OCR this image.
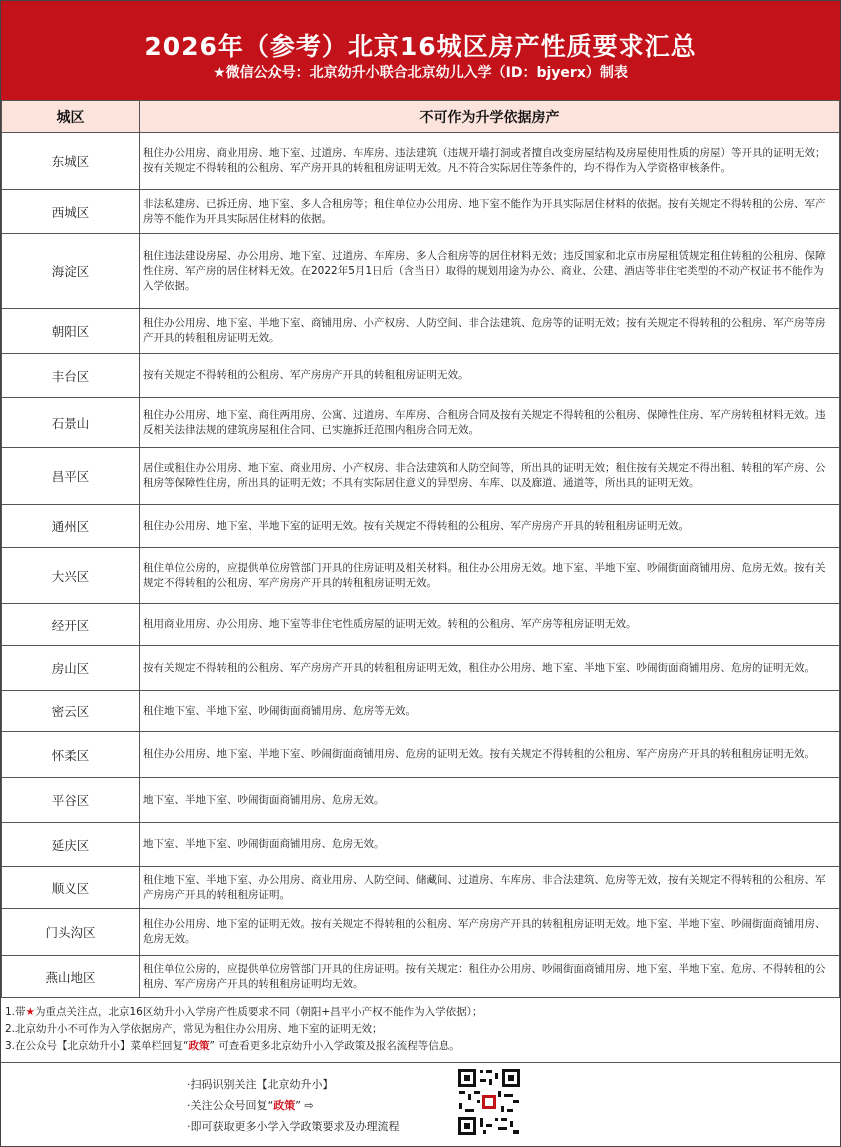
2026年（参考）北京16城区房产性质要求汇总
★微信公众号：北京幼升小联合北京幼儿入学（ID：bjyerx）制表
城区	不可作为升学依据房产
东城区	租住办公用房、商业用房、地下室、过道房、车库房、违法建筑（违规开墙打洞或者擅自改变房屋结构及房屋使用性质的房屋）等开具的证明无效；按有关规定不得转租的公租房、军产房开具的转租租房证明无效。凡不符合实际居住等条件的，均不得作为入学资格审核条件。
西城区	非法私建房、已拆迁房、地下室、多人合租房等；租住单位办公用房、地下室不能作为开具实际居住材料的依据。按有关规定不得转租的公房、军产房等不能作为开具实际居住材料的依据。
海淀区	租住违法建设房屋、办公用房、地下室、过道房、车库房、多人合租房等的居住材料无效；违反国家和北京市房屋租赁规定租住转租的公租房、保障性住房、军产房的居住材料无效。在2022年5月1日后（含当日）取得的规划用途为办公、商业、公建、酒店等非住宅类型的不动产权证书不能作为入学依据。
朝阳区	租住办公用房、地下室、半地下室、商铺用房、小产权房、人防空间、非合法建筑、危房等的证明无效；按有关规定不得转租的公租房、军产房等房产开具的转租租房证明无效。
丰台区	按有关规定不得转租的公租房、军产房房产开具的转租租房证明无效。
石景山	租住办公用房、地下室、商住两用房、公寓、过道房、车库房、合租房合同及按有关规定不得转租的公租房、保障性住房、军产房转租材料无效。违反相关法律法规的建筑房屋租住合同、已实施拆迁范围内租房合同无效。
昌平区	居住或租住办公用房、地下室、商业用房、小产权房、非合法建筑和人防空间等，所出具的证明无效；租住按有关规定不得出租、转租的军产房、公租房等保障性住房，所出具的证明无效；不具有实际居住意义的异型房、车库、以及廊道、通道等，所出具的证明无效。
通州区	租住办公用房、地下室、半地下室的证明无效。按有关规定不得转租的公租房、军产房房产开具的转租租房证明无效。
大兴区	租住单位公房的，应提供单位房管部门开具的住房证明及相关材料。租住办公用房无效。地下室、半地下室、吵闹街面商铺用房、危房无效。按有关规定不得转租的公租房、军产房房产开具的转租租房证明无效。
经开区	租用商业用房、办公用房、地下室等非住宅性质房屋的证明无效。转租的公租房、军产房等租房证明无效。
房山区	按有关规定不得转租的公租房、军产房房产开具的转租租房证明无效，租住办公用房、地下室、半地下室、吵闹街面商铺用房、危房的证明无效。
密云区	租住地下室、半地下室、吵闹街面商铺用房、危房等无效。
怀柔区	租住办公用房、地下室、半地下室、吵闹街面商铺用房、危房的证明无效。按有关规定不得转租的公租房、军产房房产开具的转租租房证明无效。
平谷区	地下室、半地下室、吵闹街面商铺用房、危房无效。
延庆区	地下室、半地下室、吵闹街面商铺用房、危房无效。
顺义区	租住地下室、半地下室、办公用房、商业用房、人防空间、储藏间、过道房、车库房、非合法建筑、危房等无效，按有关规定不得转租的公租房、军产房房产开具的转租租房证明。
门头沟区	租住办公用房、地下室的证明无效。按有关规定不得转租的公租房、军产房房产开具的转租租房证明无效。地下室、半地下室、吵闹街面商铺用房、危房无效。
燕山地区	租住单位公房的，应提供单位房管部门开具的住房证明。按有关规定：租住办公用房、吵闹街面商铺用房、地下室、半地下室、危房、不得转租的公租房、军产房房产开具的转租租房证明均无效。
1.带★为重点关注点，北京16区幼升小入学房产性质要求不同（朝阳+昌平小产权不能作为入学依据）；
2.北京幼升小不可作为入学依据房产，常见为租住办公用房、地下室的证明无效；
3.在公众号【北京幼升小】菜单栏回复“政策” 可查看更多北京幼升小入学政策及报名流程等信息。
·扫码识别关注【北京幼升小】
·关注公众号回复“政策” ⇨
·即可获取更多小学入学政策要求及办理流程
